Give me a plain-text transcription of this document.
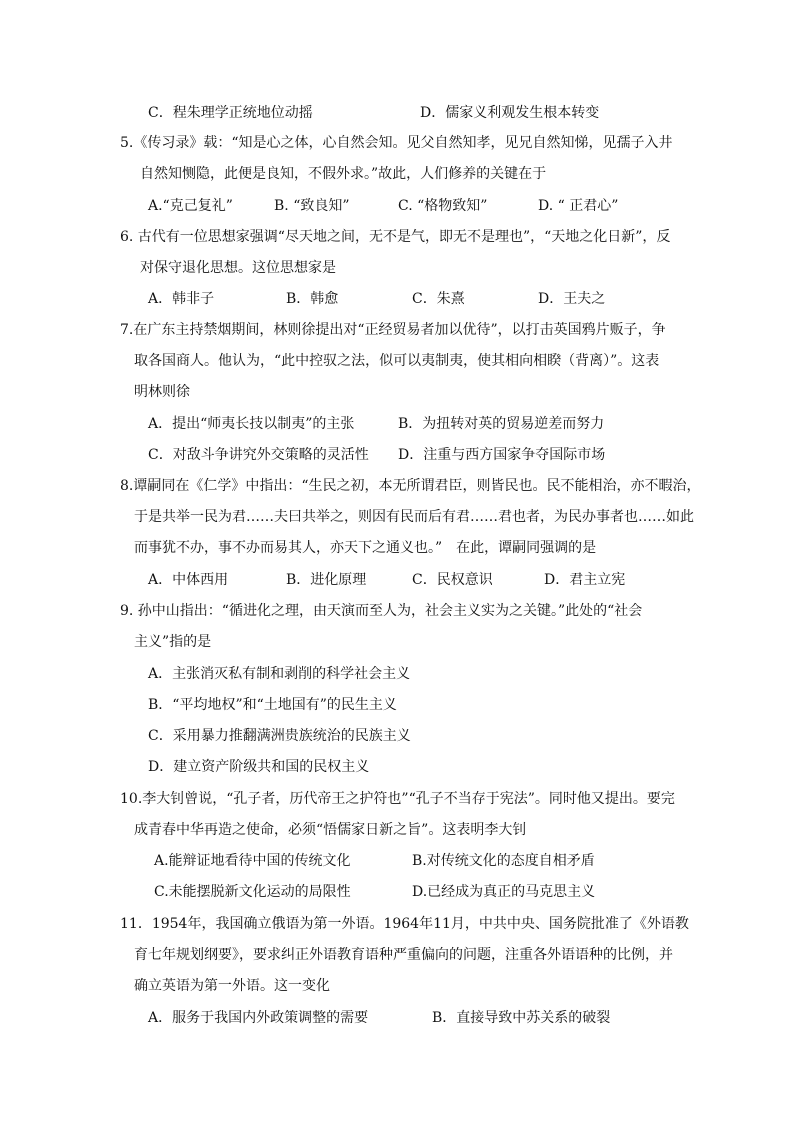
C．程朱理学正统地位动摇	D．儒家义利观发生根本转变
5.《传习录》载：“知是心之体，心自然会知。见父自然知孝，见兄自然知悌，见孺子入井
自然知恻隐，此便是良知，不假外求。”故此，人们修养的关键在于
A.“克己复礼”	B. “致良知”	C. “格物致知”	D. “ 正君心”
6. 古代有一位思想家强调“尽天地之间，无不是气，即无不是理也”，“天地之化日新”，反
对保守退化思想。这位思想家是
A．韩非子	B．韩愈	C．朱熹	D．王夫之
7.在广东主持禁烟期间，林则徐提出对“正经贸易者加以优待”，以打击英国鸦片贩子，争
取各国商人。他认为，“此中控驭之法，似可以夷制夷，使其相向相睽（背离）”。这表
明林则徐
A．提出“师夷长技以制夷”的主张	B．为扭转对英的贸易逆差而努力
C．对敌斗争讲究外交策略的灵活性 D．注重与西方国家争夺国际市场
8.谭嗣同在《仁学》中指出：“生民之初，本无所谓君臣，则皆民也。民不能相治，亦不暇治，
于是共举一民为君……夫曰共举之，则因有民而后有君……君也者，为民办事者也……如此
而事犹不办，事不办而易其人，亦天下之通义也。”　在此，谭嗣同强调的是
A．中体西用	B．进化原理	C．民权意识	D．君主立宪
9. 孙中山指出：“循进化之理，由天演而至人为，社会主义实为之关键。”此处的“社会
主义”指的是
A．主张消灭私有制和剥削的科学社会主义
B．“平均地权”和“土地国有”的民生主义
C．采用暴力推翻满洲贵族统治的民族主义
D．建立资产阶级共和国的民权主义
10.李大钊曾说，“孔子者，历代帝王之护符也”“孔子不当存于宪法”。同时他又提出。要完
成青春中华再造之使命，必须“悟儒家日新之旨”。这表明李大钊
A.能辩证地看待中国的传统文化	B.对传统文化的态度自相矛盾
C.未能摆脱新文化运动的局限性	D.已经成为真正的马克思主义
11．1954年，我国确立俄语为第一外语。1964年11月，中共中央、国务院批准了《外语教
育七年规划纲要》，要求纠正外语教育语种严重偏向的问题，注重各外语语种的比例，并
确立英语为第一外语。这一变化
A．服务于我国内外政策调整的需要	B．直接导致中苏关系的破裂
